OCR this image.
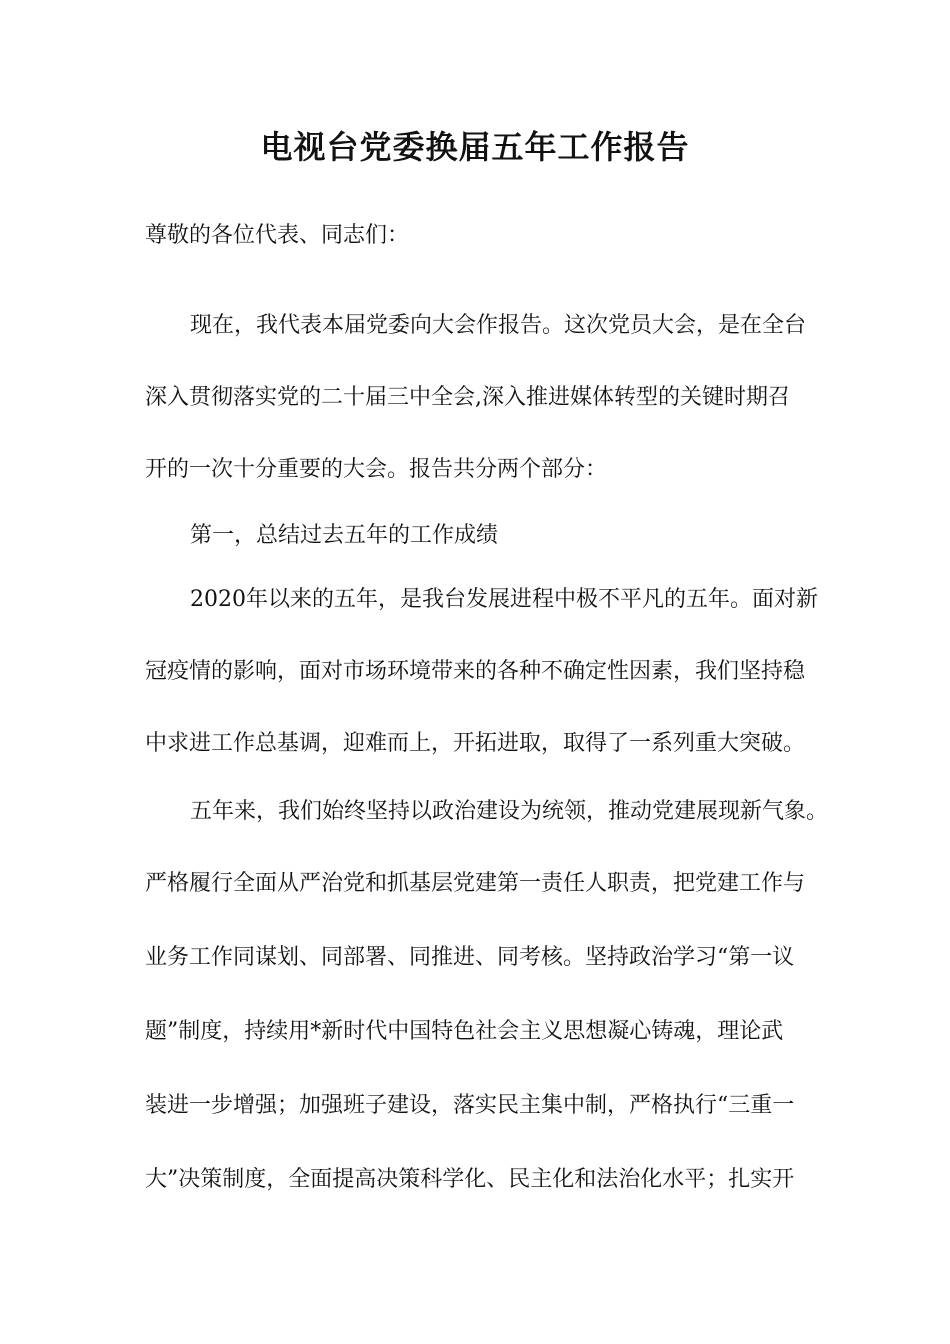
电视台党委换届五年工作报告
尊敬的各位代表、同志们：
现在，我代表本届党委向大会作报告。这次党员大会，是在全台
深入贯彻落实党的二十届三中全会,深入推进媒体转型的关键时期召
开的一次十分重要的大会。报告共分两个部分：
第一，总结过去五年的工作成绩
2020年以来的五年，是我台发展进程中极不平凡的五年。面对新
冠疫情的影响，面对市场环境带来的各种不确定性因素，我们坚持稳
中求进工作总基调，迎难而上，开拓进取，取得了一系列重大突破。
五年来，我们始终坚持以政治建设为统领，推动党建展现新气象。
严格履行全面从严治党和抓基层党建第一责任人职责，把党建工作与
业务工作同谋划、同部署、同推进、同考核。坚持政治学习“第一议
题”制度，持续用*新时代中国特色社会主义思想凝心铸魂，理论武
装进一步增强；加强班子建设，落实民主集中制，严格执行“三重一
大”决策制度，全面提高决策科学化、民主化和法治化水平；扎实开
